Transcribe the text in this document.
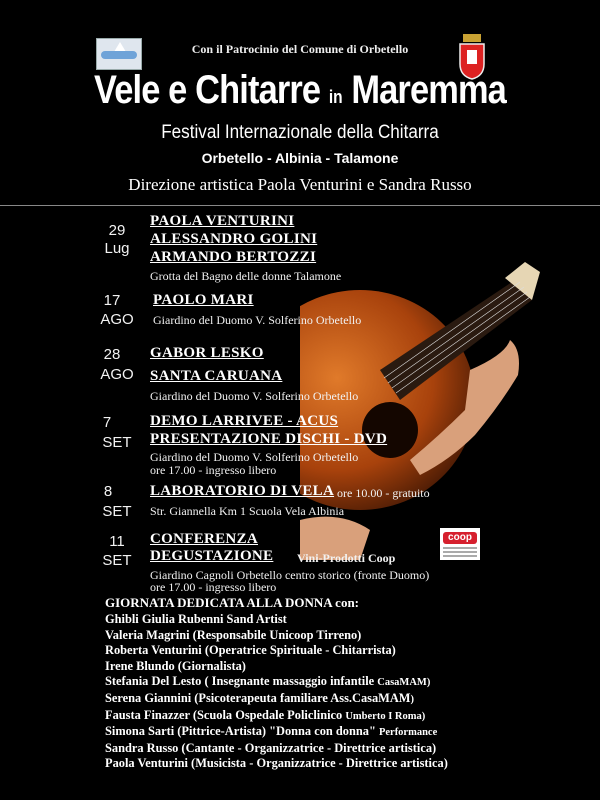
Con il Patrocinio del Comune di Orbetello
Vele e Chitarre in Maremma
Festival Internazionale della Chitarra
Orbetello - Albinia - Talamone
Direzione artistica Paola Venturini e Sandra Russo
29
Lug
PAOLA VENTURINI
ALESSANDRO GOLINI
ARMANDO BERTOZZI
Grotta del Bagno delle donne Talamone
17
AGO
PAOLO MARI
Giardino del Duomo V. Solferino Orbetello
28
AGO
GABOR LESKO
SANTA CARUANA
Giardino del Duomo V. Solferino Orbetello
7
SET
DEMO LARRIVEE - ACUS
PRESENTAZIONE DISCHI - DVD
Giardino del Duomo V. Solferino Orbetello
ore 17.00 - ingresso libero
8
SET
LABORATORIO DI VELA ore 10.00 - gratuito
Str. Giannella Km 1 Scuola Vela Albinia
11
SET
CONFERENZA
DEGUSTAZIONE Vini-Prodotti Coop
Giardino Cagnoli Orbetello centro storico (fronte Duomo)
ore 17.00 - ingresso libero
coop
GIORNATA DEDICATA ALLA DONNA con:
Ghibli Giulia Rubenni Sand Artist
Valeria Magrini (Responsabile Unicoop Tirreno)
Roberta Venturini (Operatrice Spirituale - Chitarrista)
Irene Blundo (Giornalista)
Stefania Del Lesto ( Insegnante massaggio infantile CasaMAM)
Serena Giannini (Psicoterapeuta familiare Ass.CasaMAM)
Fausta Finazzer (Scuola Ospedale Policlinico Umberto I Roma)
Simona Sarti (Pittrice-Artista) "Donna con donna" Performance
Sandra Russo (Cantante - Organizzatrice - Direttrice artistica)
Paola Venturini (Musicista - Organizzatrice - Direttrice artistica)
